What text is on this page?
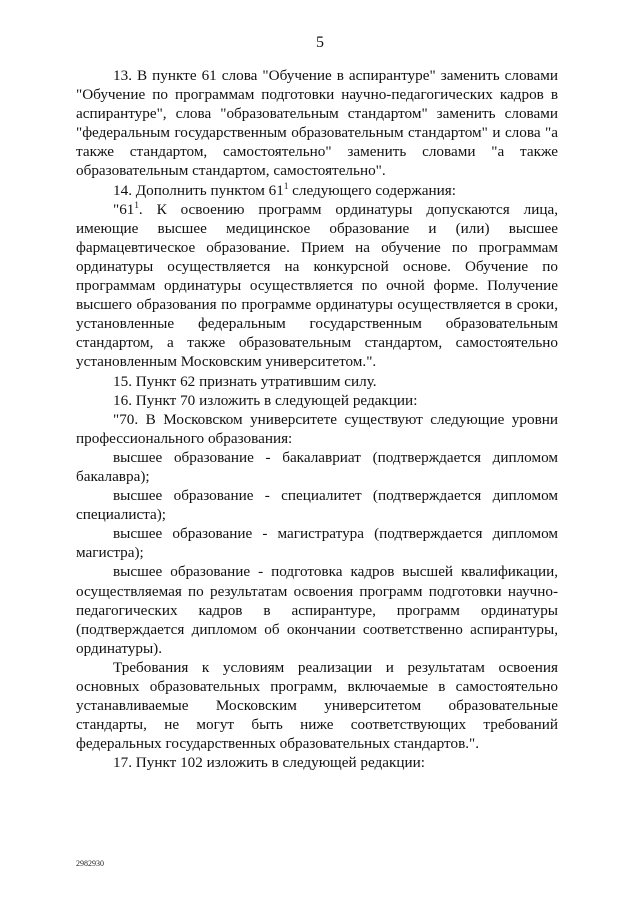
5

13. В пункте 61 слова "Обучение в аспирантуре" заменить словами "Обучение по программам подготовки научно-педагогических кадров в аспирантуре", слова "образовательным стандартом" заменить словами "федеральным государственным образовательным стандартом" и слова "а также стандартом, самостоятельно" заменить словами "а также образовательным стандартом, самостоятельно".

14. Дополнить пунктом $61^1$ следующего содержания:

"$61^1$. К освоению программ ординатуры допускаются лица, имеющие высшее медицинское образование и (или) высшее фармацевтическое образование. Прием на обучение по программам ординатуры осуществляется на конкурсной основе. Обучение по программам ординатуры осуществляется по очной форме. Получение высшего образования по программе ординатуры осуществляется в сроки, установленные федеральным государственным образовательным стандартом, а также образовательным стандартом, самостоятельно установленным Московским университетом.".

15. Пункт 62 признать утратившим силу.

16. Пункт 70 изложить в следующей редакции:

"70. В Московском университете существуют следующие уровни профессионального образования:

высшее образование - бакалавриат (подтверждается дипломом бакалавра);

высшее образование - специалитет (подтверждается дипломом специалиста);

высшее образование - магистратура (подтверждается дипломом магистра);

высшее образование - подготовка кадров высшей квалификации, осуществляемая по результатам освоения программ подготовки научно-педагогических кадров в аспирантуре, программ ординатуры (подтверждается дипломом об окончании соответственно аспирантуры, ординатуры).

Требования к условиям реализации и результатам освоения основных образовательных программ, включаемые в самостоятельно устанавливаемые Московским университетом образовательные стандарты, не могут быть ниже соответствующих требований федеральных государственных образовательных стандартов.".

17. Пункт 102 изложить в следующей редакции:

2982930
